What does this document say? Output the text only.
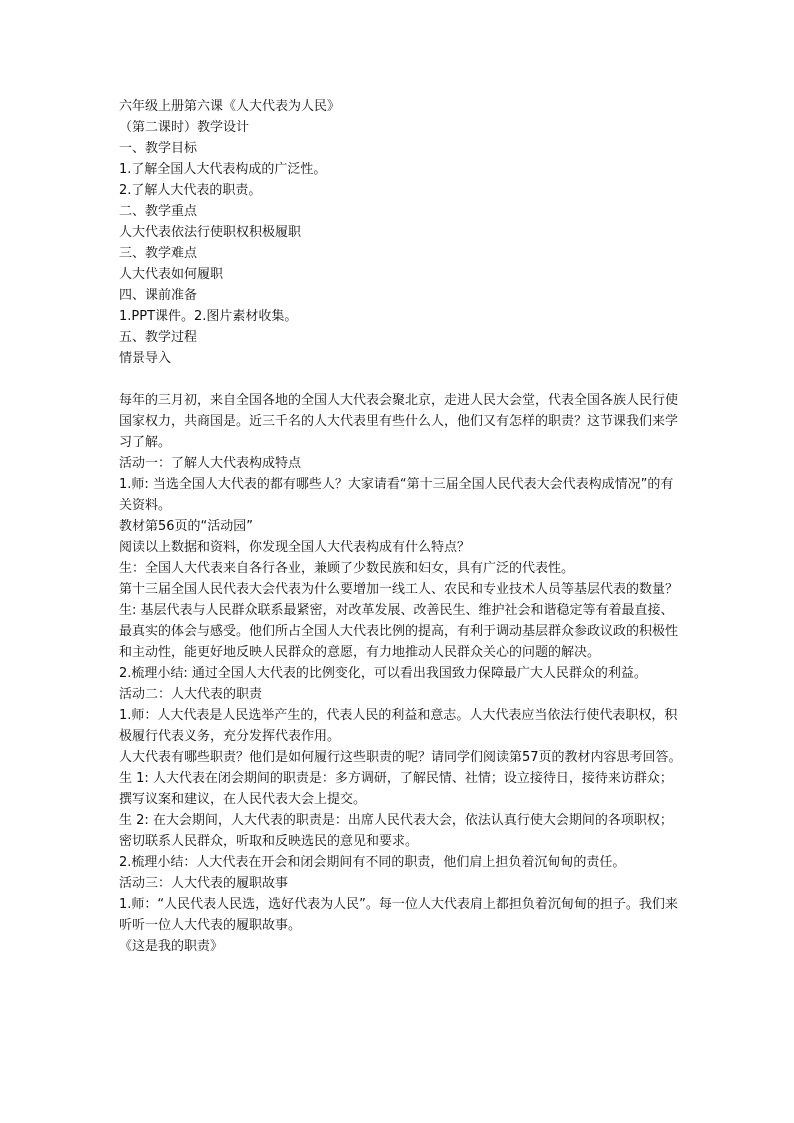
六年级上册第六课《人大代表为人民》

（第二课时）教学设计

一、教学目标

1.了解全国人大代表构成的广泛性。

2.了解人大代表的职责。

二、教学重点

人大代表依法行使职权积极履职

三、教学难点

人大代表如何履职

四、课前准备

1.PPT课件。2.图片素材收集。

五、教学过程

情景导入

每年的三月初，来自全国各地的全国人大代表会聚北京，走进人民大会堂，代表全国各族人民行使国家权力，共商国是。近三千名的人大代表里有些什么人，他们又有怎样的职责？这节课我们来学习了解。

活动一：了解人大代表构成特点

1.师: 当选全国人大代表的都有哪些人？大家请看“第十三届全国人民代表大会代表构成情况”的有关资料。

教材第56页的“活动园”

阅读以上数据和资料，你发现全国人大代表构成有什么特点？

生：全国人大代表来自各行各业，兼顾了少数民族和妇女，具有广泛的代表性。

第十三届全国人民代表大会代表为什么要增加一线工人、农民和专业技术人员等基层代表的数量？

生: 基层代表与人民群众联系最紧密，对改革发展、改善民生、维护社会和谐稳定等有着最直接、最真实的体会与感受。他们所占全国人大代表比例的提高，有利于调动基层群众参政议政的积极性和主动性，能更好地反映人民群众的意愿，有力地推动人民群众关心的问题的解决。

2.梳理小结: 通过全国人大代表的比例变化，可以看出我国致力保障最广大人民群众的利益。

活动二：人大代表的职责

1.师：人大代表是人民选举产生的，代表人民的利益和意志。人大代表应当依法行使代表职权，积极履行代表义务，充分发挥代表作用。

人大代表有哪些职责？他们是如何履行这些职责的呢？请同学们阅读第57页的教材内容思考回答。

生 1: 人大代表在闭会期间的职责是：多方调研，了解民情、社情；设立接待日，接待来访群众；撰写议案和建议，在人民代表大会上提交。

生 2: 在大会期间，人大代表的职责是：出席人民代表大会，依法认真行使大会期间的各项职权；密切联系人民群众，听取和反映选民的意见和要求。

2.梳理小结：人大代表在开会和闭会期间有不同的职责，他们肩上担负着沉甸甸的责任。

活动三：人大代表的履职故事

1.师：“人民代表人民选，选好代表为人民”。每一位人大代表肩上都担负着沉甸甸的担子。我们来听听一位人大代表的履职故事。

《这是我的职责》
